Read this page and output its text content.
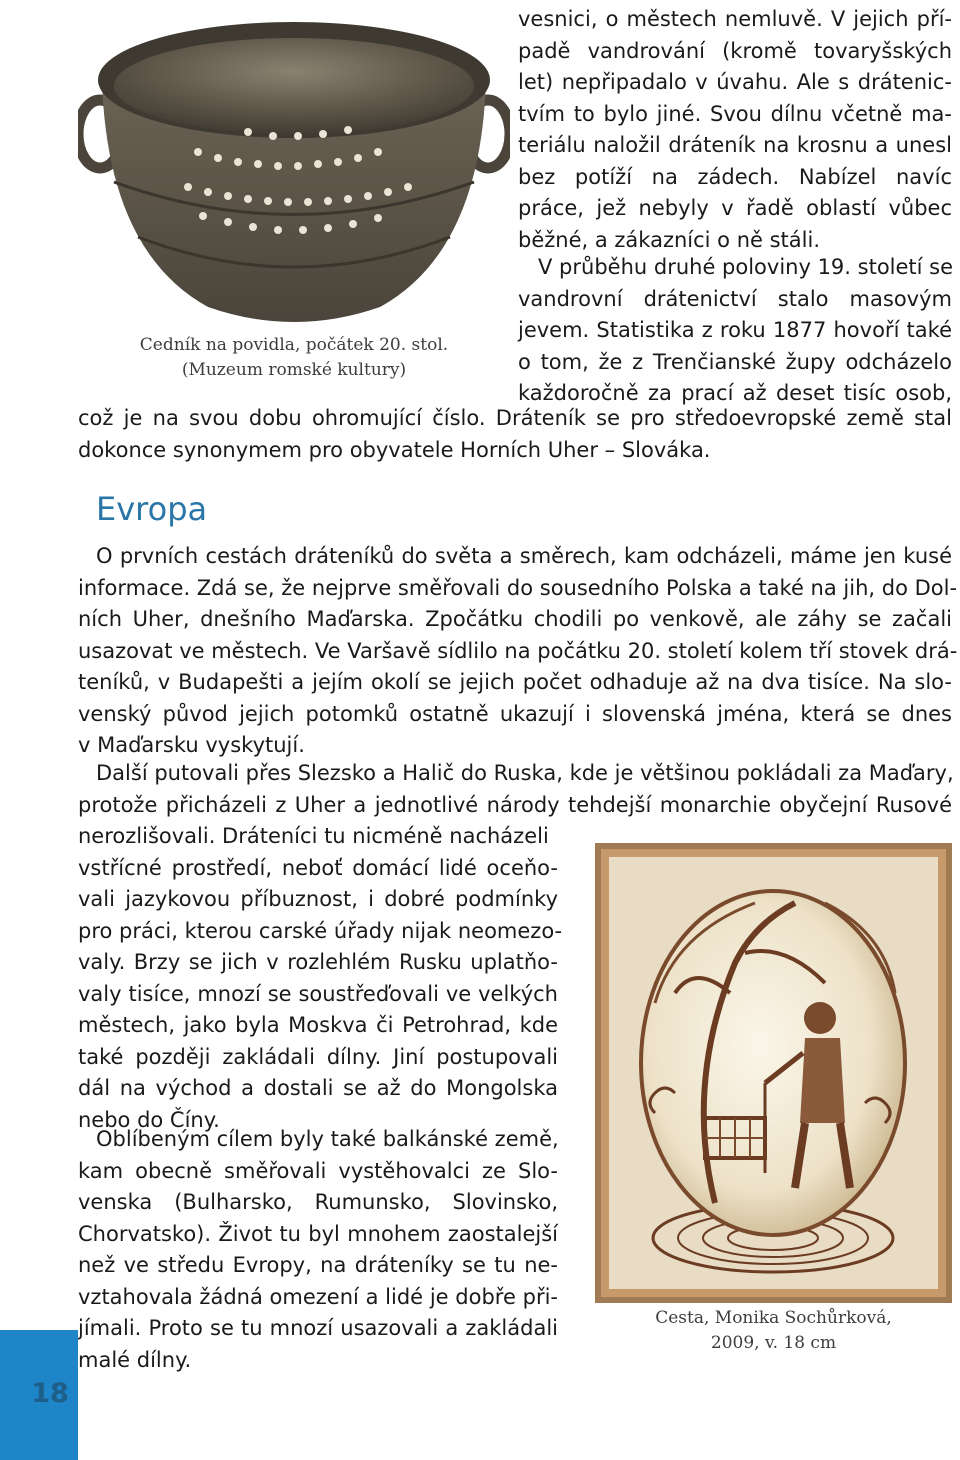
Cedník na povidla, počátek 20. stol.
(Muzeum romské kultury)
vesnici, o městech nemluvě. V jejich pří-
padě vandrování (kromě tovaryšských
let) nepřipadalo v úvahu. Ale s drátenic-
tvím to bylo jiné. Svou dílnu včetně ma-
teriálu naložil dráteník na krosnu a unesl
bez potíží na zádech. Nabízel navíc
práce, jež nebyly v řadě oblastí vůbec
běžné, a zákazníci o ně stáli.
V průběhu druhé poloviny 19. století se
vandrovní drátenictví stalo masovým
jevem. Statistika z roku 1877 hovoří také
o tom, že z Trenčianské župy odcházelo
každoročně za prací až deset tisíc osob,
což je na svou dobu ohromující číslo. Dráteník se pro středoevropské země stal
dokonce synonymem pro obyvatele Horních Uher – Slováka.
Evropa
O prvních cestách dráteníků do světa a směrech, kam odcházeli, máme jen kusé
informace. Zdá se, že nejprve směřovali do sousedního Polska a také na jih, do Dol-
ních Uher, dnešního Maďarska. Zpočátku chodili po venkově, ale záhy se začali
usazovat ve městech. Ve Varšavě sídlilo na počátku 20. století kolem tří stovek drá-
teníků, v Budapešti a jejím okolí se jejich počet odhaduje až na dva tisíce. Na slo-
venský původ jejich potomků ostatně ukazují i slovenská jména, která se dnes
v Maďarsku vyskytují.
Další putovali přes Slezsko a Halič do Ruska, kde je většinou pokládali za Maďary,
protože přicházeli z Uher a jednotlivé národy tehdejší monarchie obyčejní Rusové
nerozlišovali. Dráteníci tu nicméně nacházeli
vstřícné prostředí, neboť domácí lidé oceňo-
vali jazykovou příbuznost, i dobré podmínky
pro práci, kterou carské úřady nijak neomezo-
valy. Brzy se jich v rozlehlém Rusku uplatňo-
valy tisíce, mnozí se soustřeďovali ve velkých
městech, jako byla Moskva či Petrohrad, kde
také později zakládali dílny. Jiní postupovali
dál na východ a dostali se až do Mongolska
nebo do Číny.
Oblíbeným cílem byly také balkánské země,
kam obecně směřovali vystěhovalci ze Slo-
venska (Bulharsko, Rumunsko, Slovinsko,
Chorvatsko). Život tu byl mnohem zaostalejší
než ve středu Evropy, na dráteníky se tu ne-
vztahovala žádná omezení a lidé je dobře při-
jímali. Proto se tu mnozí usazovali a zakládali
malé dílny.
Cesta, Monika Sochůrková,
2009, v. 18 cm
18
